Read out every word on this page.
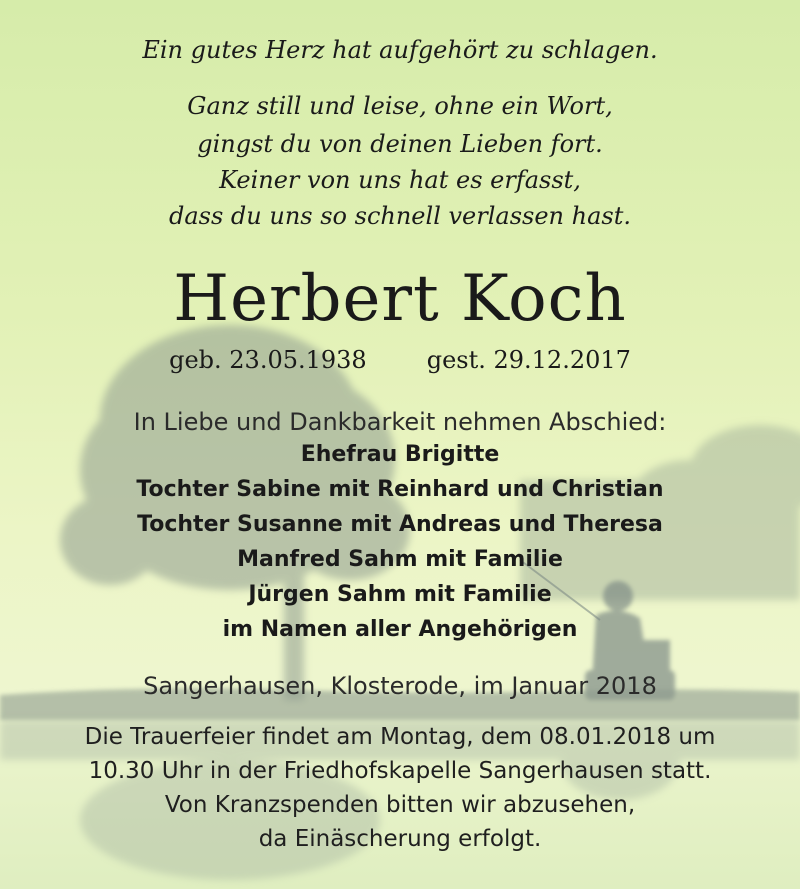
Ein gutes Herz hat aufgehört zu schlagen.
Ganz still und leise, ohne ein Wort,
gingst du von deinen Lieben fort.
Keiner von uns hat es erfasst,
dass du uns so schnell verlassen hast.
Herbert Koch
geb. 23.05.1938	gest. 29.12.2017
In Liebe und Dankbarkeit nehmen Abschied:
Ehefrau Brigitte
Tochter Sabine mit Reinhard und Christian
Tochter Susanne mit Andreas und Theresa
Manfred Sahm mit Familie
Jürgen Sahm mit Familie
im Namen aller Angehörigen
Sangerhausen, Klosterode, im Januar 2018
Die Trauerfeier findet am Montag, dem 08.01.2018 um
10.30 Uhr in der Friedhofskapelle Sangerhausen statt.
Von Kranzspenden bitten wir abzusehen,
da Einäscherung erfolgt.
